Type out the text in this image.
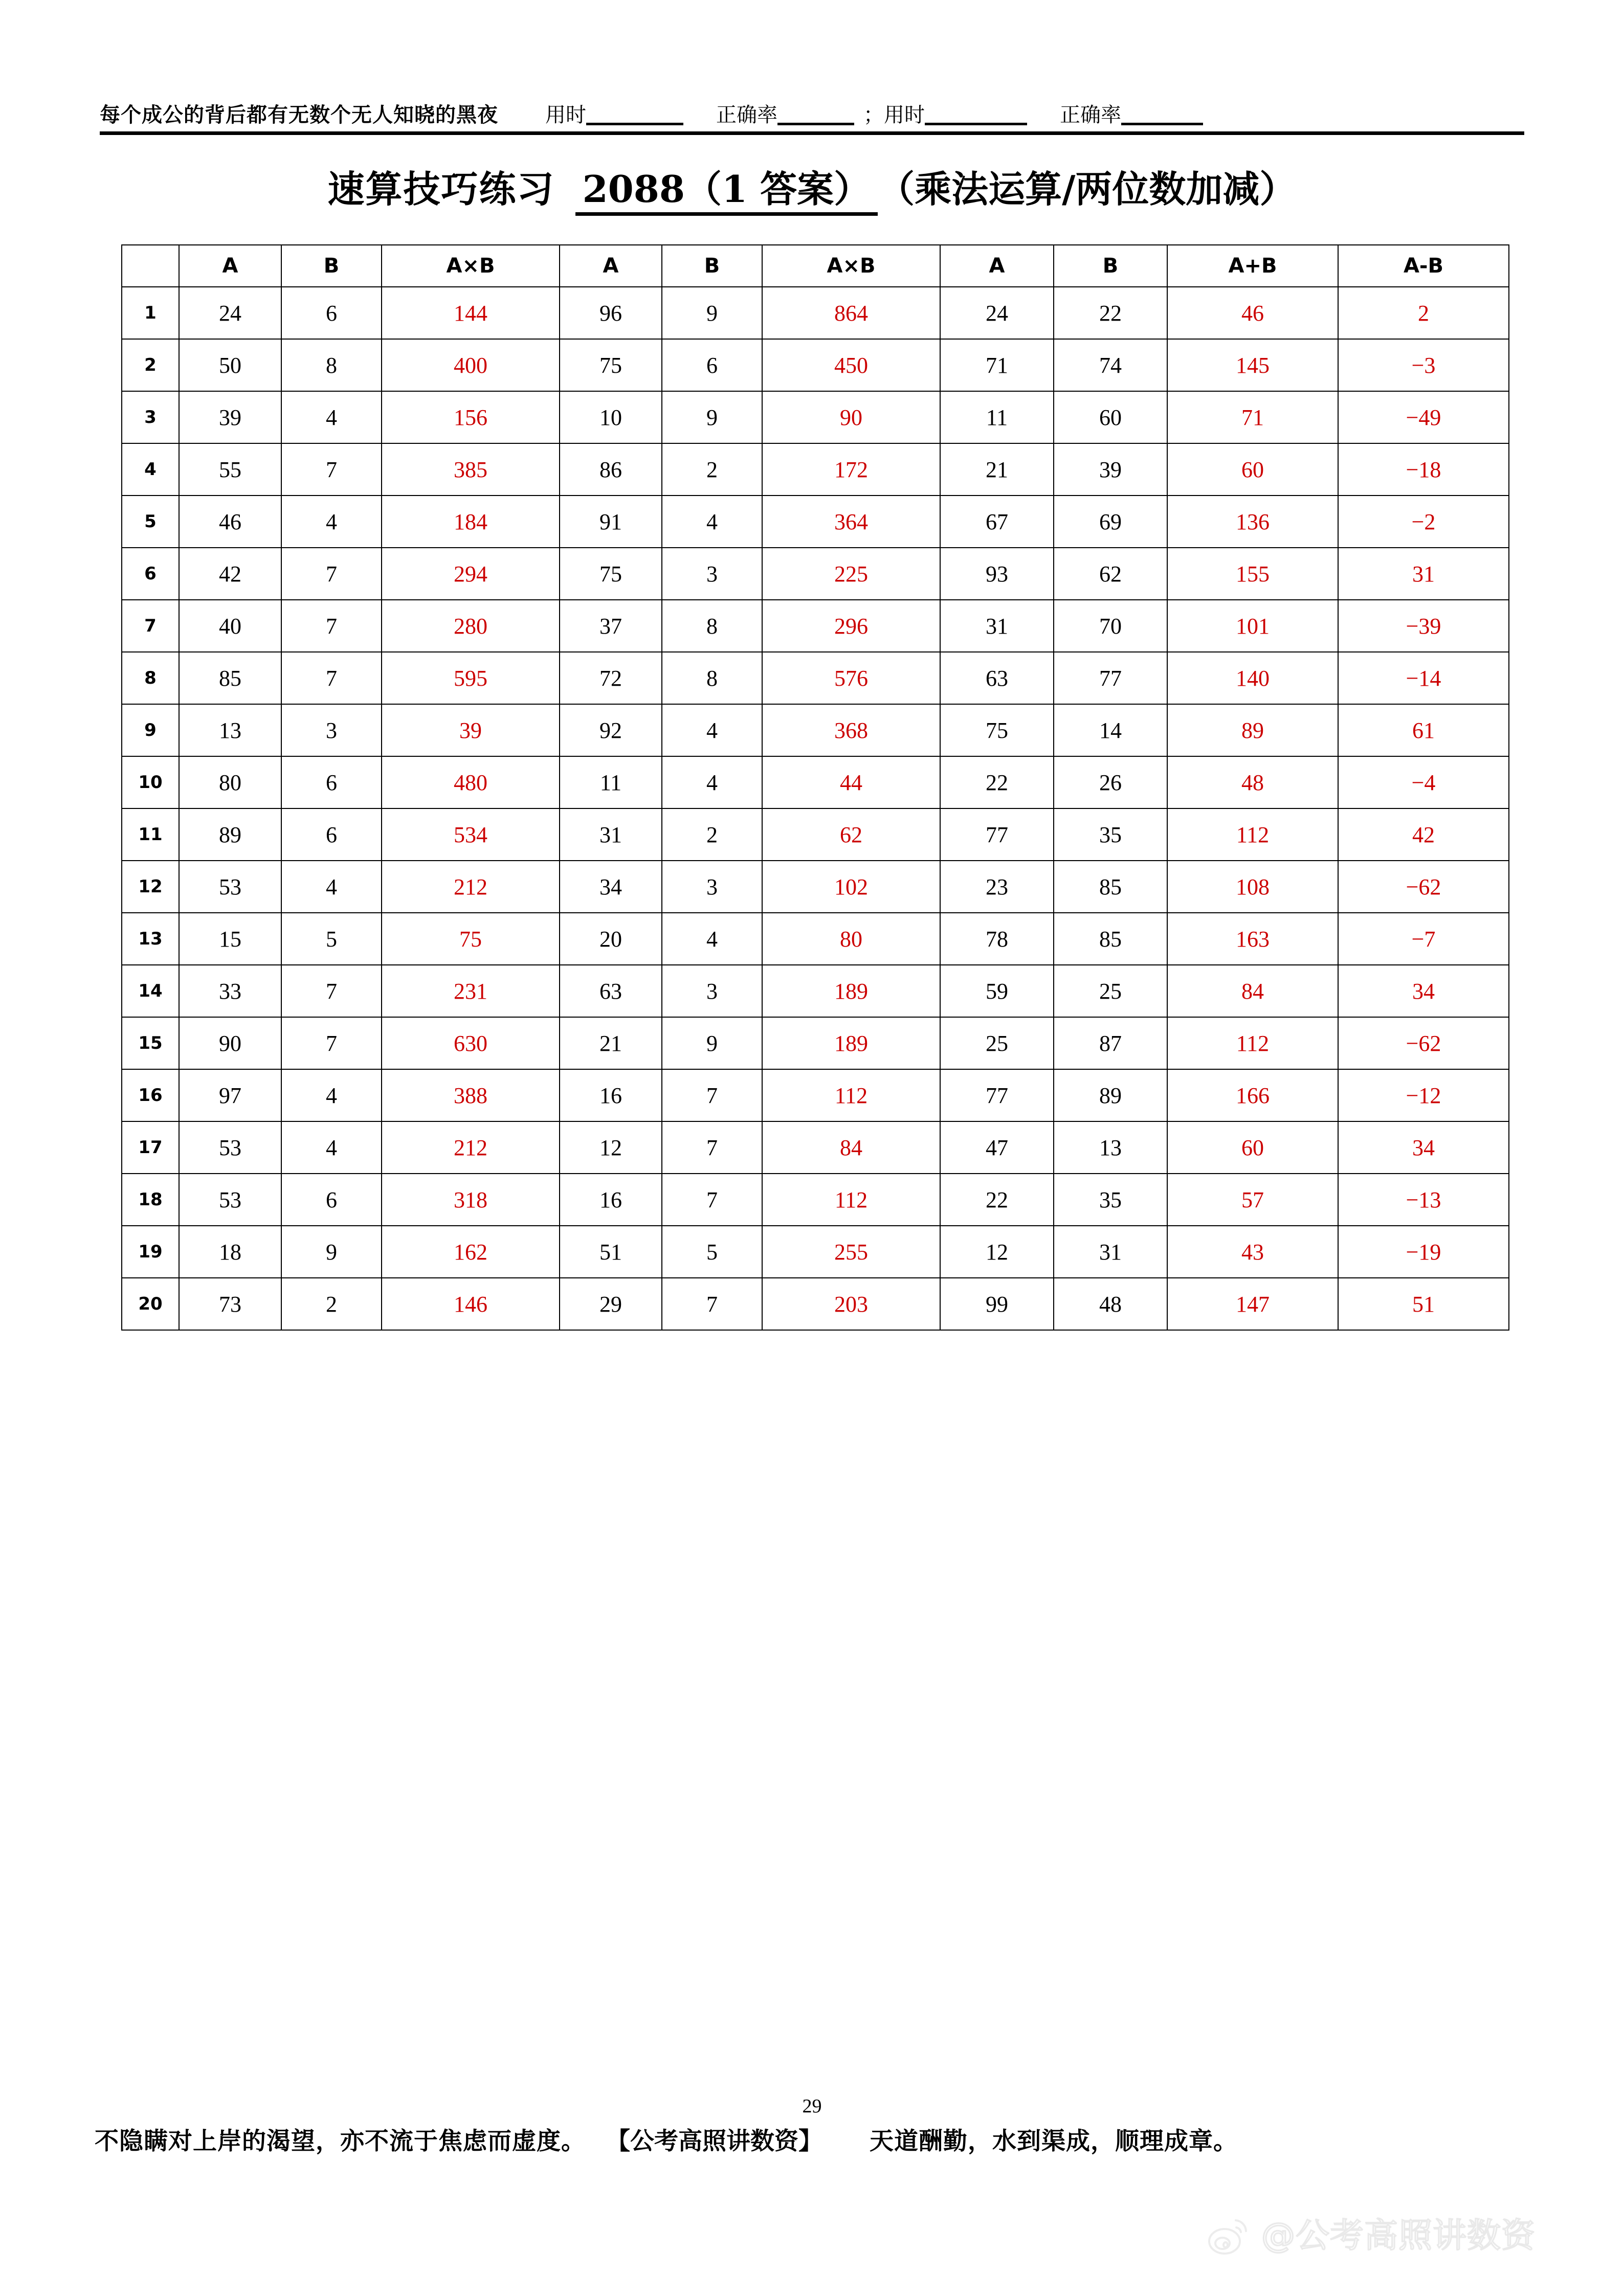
每个成公的背后都有无数个无人知晓的黑夜 用时	正确率	； 用时	正确率
速算技巧练习 2088（1 答案） （乘法运算/两位数加减）
	A	B	A×B	A	B	A×B	A	B	A+B	A-B
1	24	6	144	96	9	864	24	22	46	2
2	50	8	400	75	6	450	71	74	145	−3
3	39	4	156	10	9	90	11	60	71	−49
4	55	7	385	86	2	172	21	39	60	−18
5	46	4	184	91	4	364	67	69	136	−2
6	42	7	294	75	3	225	93	62	155	31
7	40	7	280	37	8	296	31	70	101	−39
8	85	7	595	72	8	576	63	77	140	−14
9	13	3	39	92	4	368	75	14	89	61
10	80	6	480	11	4	44	22	26	48	−4
11	89	6	534	31	2	62	77	35	112	42
12	53	4	212	34	3	102	23	85	108	−62
13	15	5	75	20	4	80	78	85	163	−7
14	33	7	231	63	3	189	59	25	84	34
15	90	7	630	21	9	189	25	87	112	−62
16	97	4	388	16	7	112	77	89	166	−12
17	53	4	212	12	7	84	47	13	60	34
18	53	6	318	16	7	112	22	35	57	−13
19	18	9	162	51	5	255	12	31	43	−19
20	73	2	146	29	7	203	99	48	147	51
29
不隐瞒对上岸的渴望，亦不流于焦虑而虚度。 【公考高照讲数资】 天道酬勤，水到渠成，顺理成章。
@公考高照讲数资
